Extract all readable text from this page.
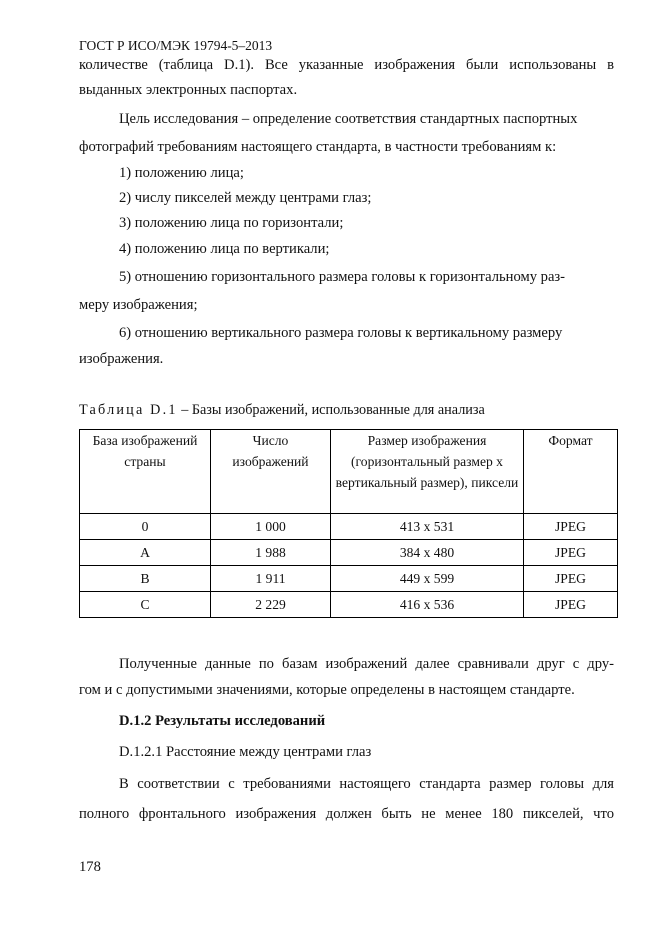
ГОСТ Р ИСО/МЭК 19794-5–2013
количестве (таблица D.1). Все указанные изображения были использованы в
выданных электронных паспортах.
Цель исследования – определение соответствия стандартных паспортных
фотографий требованиям настоящего стандарта, в частности требованиям к:
1) положению лица;
2) числу пикселей между центрами глаз;
3) положению лица по горизонтали;
4) положению лица по вертикали;
5) отношению горизонтального размера головы к горизонтальному раз-
меру изображения;
6) отношению вертикального размера головы к вертикальному размеру
изображения.
Таблица D.1 – Базы изображений, использованные для анализа
База изображений страны	Число изображений	Размер изображения (горизонтальный размер x вертикальный размер), пиксели	Формат
0	1 000	413 x 531	JPEG
A	1 988	384 x 480	JPEG
B	1 911	449 x 599	JPEG
C	2 229	416 x 536	JPEG
Полученные данные по базам изображений далее сравнивали друг с дру-
гом и с допустимыми значениями, которые определены в настоящем стандарте.
D.1.2 Результаты исследований
D.1.2.1 Расстояние между центрами глаз
В соответствии с требованиями настоящего стандарта размер головы для
полного фронтального изображения должен быть не менее 180 пикселей, что
178
